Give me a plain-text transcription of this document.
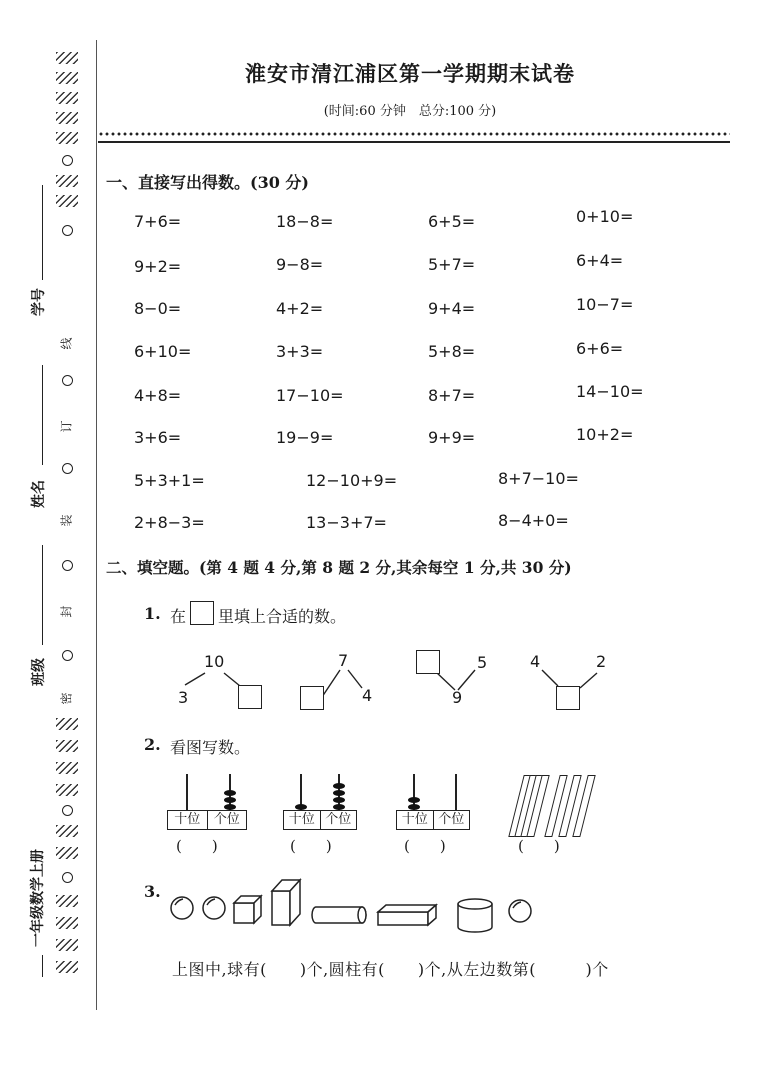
线
订
装
封
密
学号
姓名
班级
一年级数学上册
淮安市清江浦区第一学期期末试卷
(时间:60 分钟　总分:100 分)
一、直接写出得数。(30 分)
7+6=	18−8=	6+5=	0+10=
9+2=	9−8=	5+7=	6+4=
8−0=	4+2=	9+4=	10−7=
6+10=	3+3=	5+8=	6+6=
4+8=	17−10=	8+7=	14−10=
3+6=	19−9=	9+9=	10+2=
5+3+1=	12−10+9=	8+7−10=
2+8−3=	13−3+7=	8−4+0=
二、填空题。(第 4 题 4 分,第 8 题 2 分,其余每空 1 分,共 30 分)
1. 在 里填上合适的数。
10
3
7
4
5
9
4	2
2. 看图写数。
十位	个位
(　　)
十位 个位
(　　)
十位 个位
(　　)	(　　)
3.
上图中,球有(　　)个,圆柱有(　　)个,从左边数第(　　　)个
